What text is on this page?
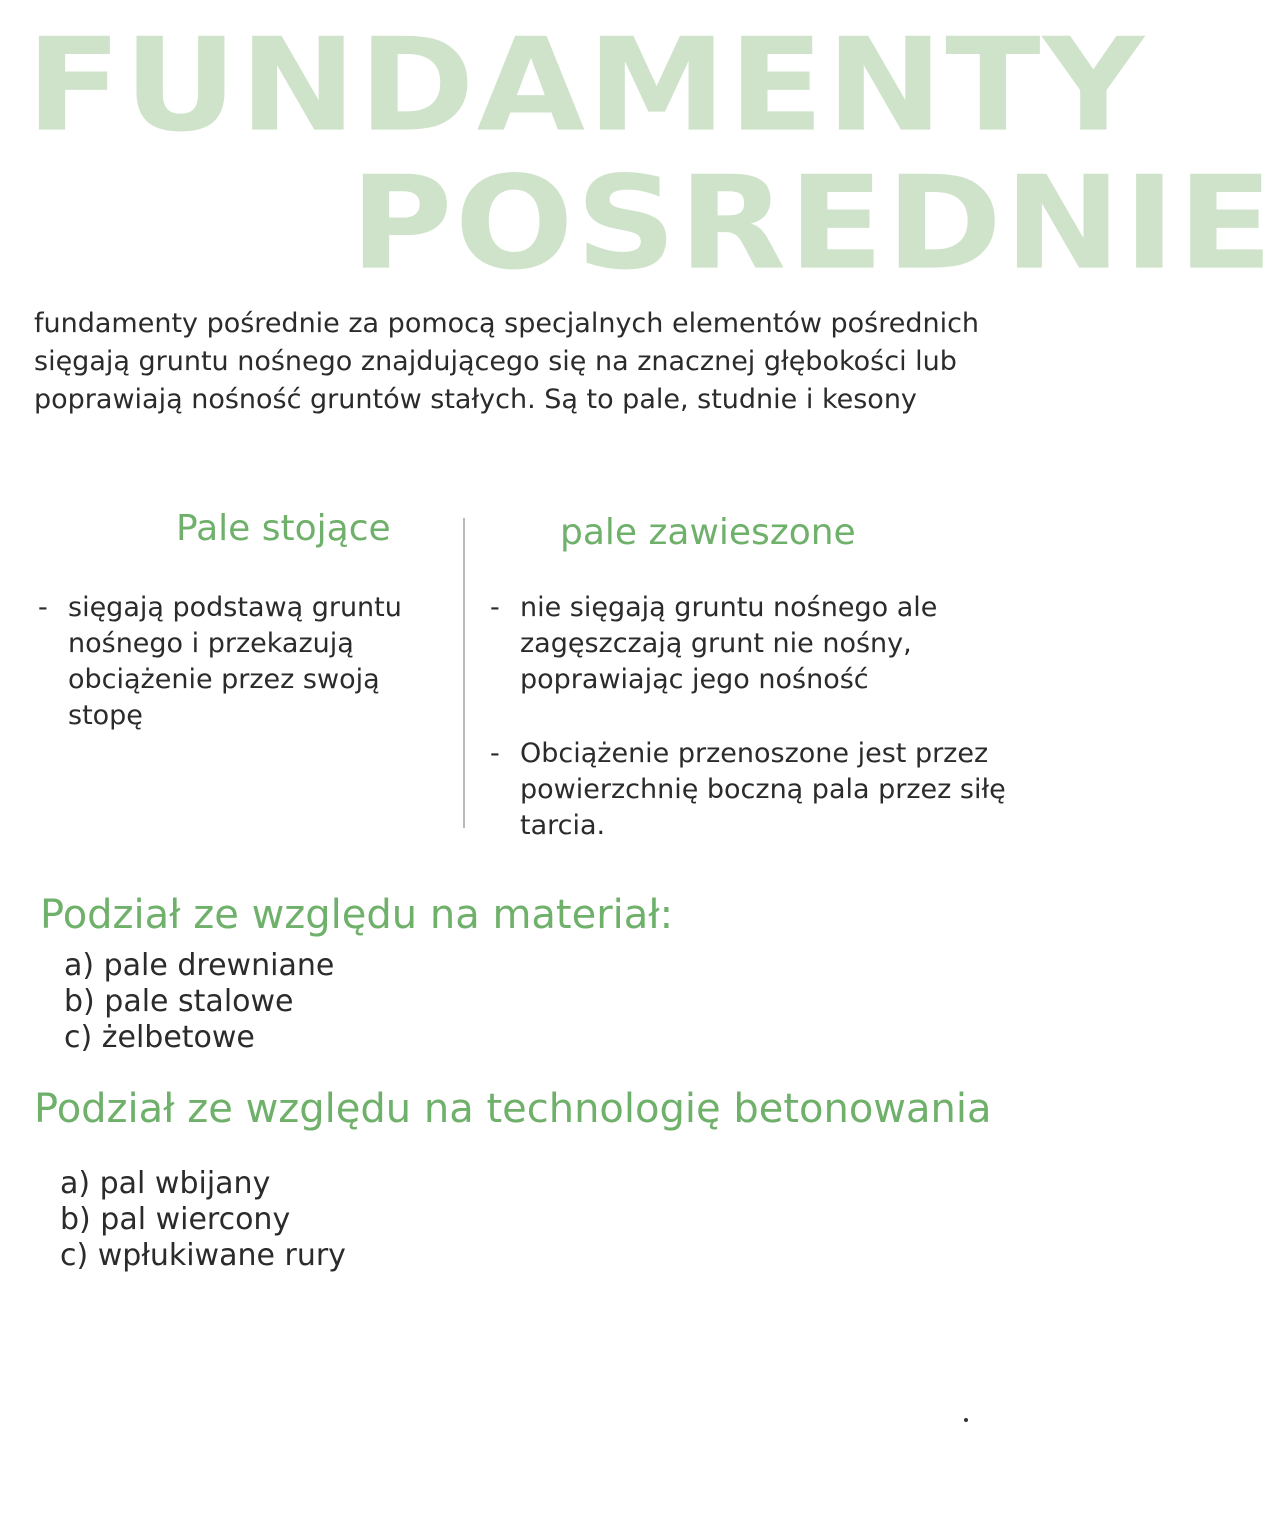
FUNDAMENTY
POSREDNIE
fundamenty pośrednie za pomocą specjalnych elementów pośrednich sięgają gruntu nośnego znajdującego się na znacznej głębokości lub poprawiają nośność gruntów stałych. Są to pale, studnie i kesony
Pale stojące	pale zawieszone
- sięgają podstawą gruntu nośnego i przekazują obciążenie przez swoją stopę
- nie sięgają gruntu nośnego ale zagęszczają grunt nie nośny, poprawiając jego nośność
- Obciążenie przenoszone jest przez powierzchnię boczną pala przez siłę tarcia.
Podział ze względu na materiał:
a) pale drewniane
b) pale stalowe
c) żelbetowe
Podział ze względu na technologię betonowania
a) pal wbijany
b) pal wiercony
c) wpłukiwane rury
